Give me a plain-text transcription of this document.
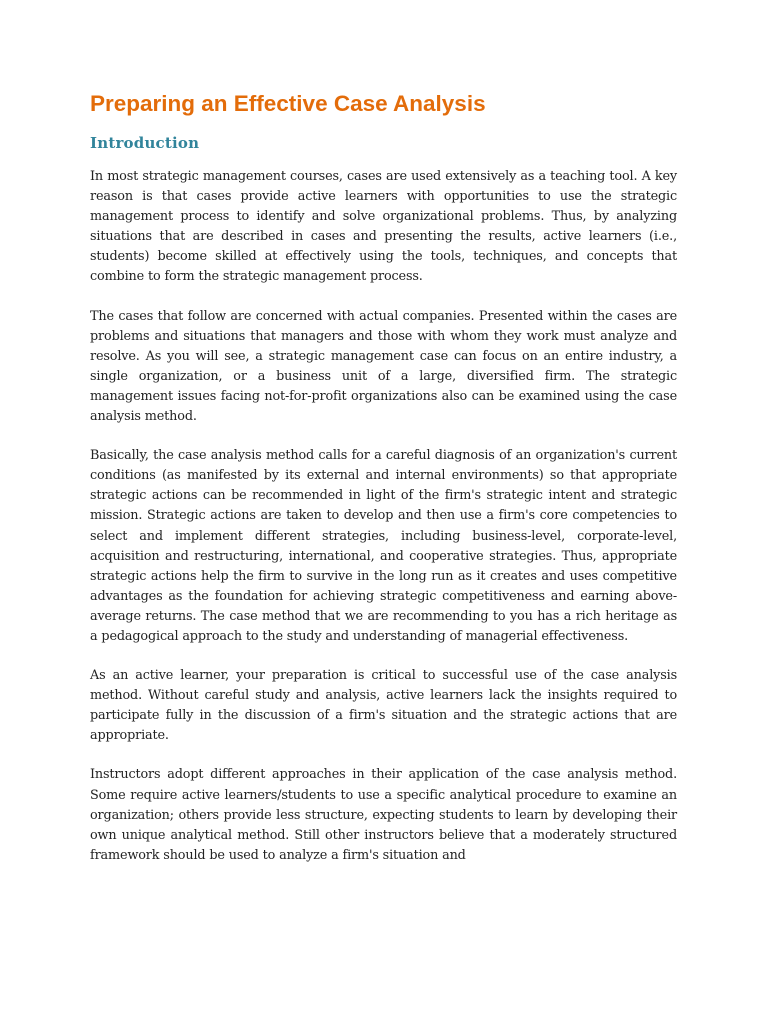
Preparing an Effective Case Analysis
Introduction

In most strategic management courses, cases are used extensively as a teaching tool. A key reason is that cases provide active learners with opportunities to use the strategic management process to identify and solve organizational problems. Thus, by analyzing situations that are described in cases and presenting the results, active learners (i.e., students) become skilled at effectively using the tools, techniques, and concepts that combine to form the strategic management process.

The cases that follow are concerned with actual companies. Presented within the cases are problems and situations that managers and those with whom they work must analyze and resolve. As you will see, a strategic management case can focus on an entire industry, a single organization, or a business unit of a large, diversified firm. The strategic management issues facing not-for-profit organizations also can be examined using the case analysis method.

Basically, the case analysis method calls for a careful diagnosis of an organization's current conditions (as manifested by its external and internal environments) so that appropriate strategic actions can be recommended in light of the firm's strategic intent and strategic mission. Strategic actions are taken to develop and then use a firm's core competencies to select and implement different strategies, including business-level, corporate-level, acquisition and restructuring, international, and cooperative strategies. Thus, appropriate strategic actions help the firm to survive in the long run as it creates and uses competitive advantages as the foundation for achieving strategic competitiveness and earning above-average returns. The case method that we are recommending to you has a rich heritage as a pedagogical approach to the study and understanding of managerial effectiveness.

As an active learner, your preparation is critical to successful use of the case analysis method. Without careful study and analysis, active learners lack the insights required to participate fully in the discussion of a firm's situation and the strategic actions that are appropriate.

Instructors adopt different approaches in their application of the case analysis method. Some require active learners/students to use a specific analytical procedure to examine an organization; others provide less structure, expecting students to learn by developing their own unique analytical method. Still other instructors believe that a moderately structured framework should be used to analyze a firm's situation and
